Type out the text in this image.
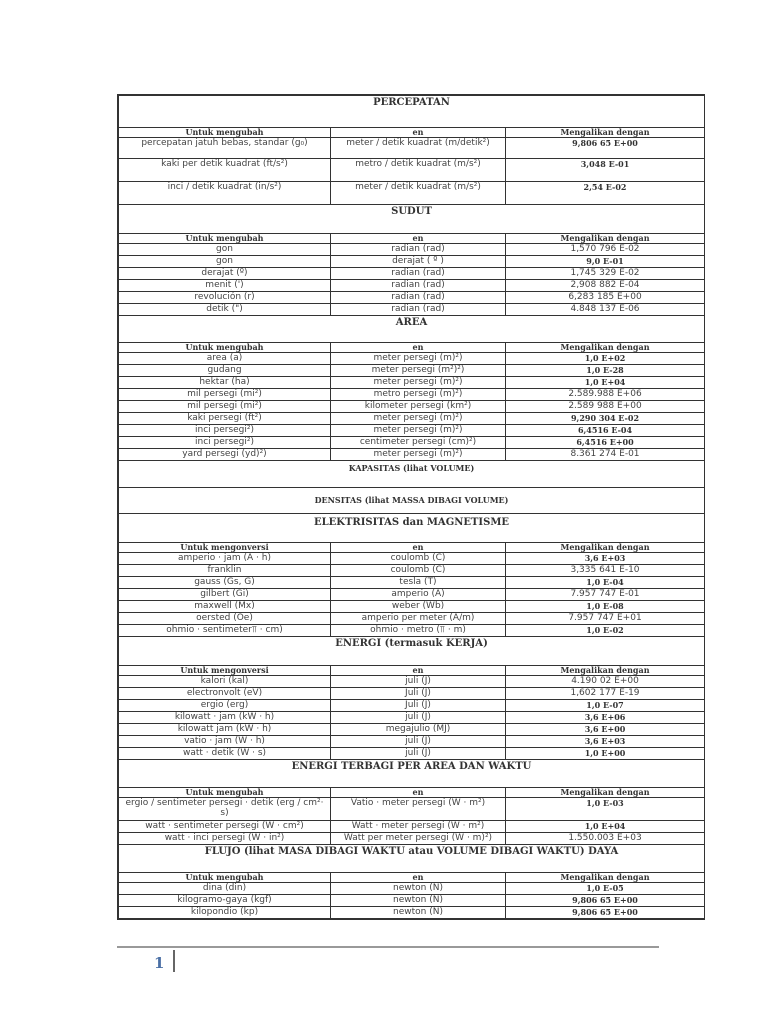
PERCEPATAN		
Untuk mengubah	en	Mengalikan dengan
percepatan jatuh bebas, standar (g₀)	meter / detik kuadrat (m/detik²)	9,806 65 E+00
kaki per detik kuadrat (ft/s²)	metro / detik kuadrat (m/s²)	3,048 E-01
inci / detik kuadrat (in/s²)	meter / detik kuadrat (m/s²)	2,54 E-02
SUDUT		
Untuk mengubah	en	Mengalikan dengan
gon	radian (rad)	1,570 796 E-02
gon	derajat ( º )	9,0 E-01
derajat (º)	radian (rad)	1,745 329 E-02
menit (')	radian (rad)	2,908 882 E-04
revolución (r)	radian (rad)	6,283 185 E+00
detik (")	radian (rad)	4.848 137 E-06
AREA		
Untuk mengubah	en	Mengalikan dengan
area (a)	meter persegi (m)²)	1,0 E+02
gudang	meter persegi (m²)²)	1,0 E-28
hektar (ha)	meter persegi (m)²)	1,0 E+04
mil persegi (mi²)	metro persegi (m)²)	2.589.988 E+06
mil persegi (mi²)	kilometer persegi (km²)	2.589 988 E+00
kaki persegi (ft²)	meter persegi (m)²)	9,290 304 E-02
inci persegi²)	meter persegi (m)²)	6,4516 E-04
inci persegi²)	centimeter persegi (cm)²)	6,4516 E+00
yard persegi (yd)²)	meter persegi (m)²)	8.361 274 E-01
KAPASITAS (lihat VOLUME)		
DENSITAS (lihat MASSA DIBAGI VOLUME)		
ELEKTRISITAS dan MAGNETISME		
Untuk mengonversi	en	Mengalikan dengan
amperio · jam (A · h)	coulomb (C)	3,6 E+03
franklin	coulomb (C)	3,335 641 E-10
gauss (Gs, G)	tesla (T)	1,0 E-04
gilbert (Gi)	amperio (A)	7.957 747 E-01
maxwell (Mx)	weber (Wb)	1,0 E-08
oersted (Oe)	amperio per meter (A/m)	7.957 747 E+01
ohmio · sentimeter⫪ · cm)	ohmio · metro (⫪ · m)	1,0 E-02
ENERGI (termasuk KERJA)		
Untuk mengonversi	en	Mengalikan dengan
kalori (kal)	juli (J)	4.190 02 E+00
electronvolt (eV)	Juli (J)	1,602 177 E-19
ergio (erg)	Juli (J)	1,0 E-07
kilowatt · jam (kW · h)	juli (J)	3,6 E+06
kilowatt jam (kW · h)	megajulio (MJ)	3,6 E+00
vatio · jam (W · h)	juli (J)	3,6 E+03
watt · detik (W · s)	juli (J)	1,0 E+00
ENERGI TERBAGI PER AREA DAN WAKTU		
Untuk mengubah	en	Mengalikan dengan
ergio / sentimeter persegi · detik (erg / cm²· s)	Vatio · meter persegi (W · m²)	1,0 E-03
watt · sentimeter persegi (W · cm²)	Watt · meter persegi (W · m²)	1,0 E+04
watt · inci persegi (W · in²)	Watt per meter persegi (W · m)²)	1.550.003 E+03
FLUJO (lihat MASA DIBAGI WAKTU atau VOLUME DIBAGI WAKTU) DAYA		
Untuk mengubah	en	Mengalikan dengan
dina (din)	newton (N)	1,0 E-05
kilogramo-gaya (kgf)	newton (N)	9,806 65 E+00
kilopondio (kp)	newton (N)	9,806 65 E+00
1
